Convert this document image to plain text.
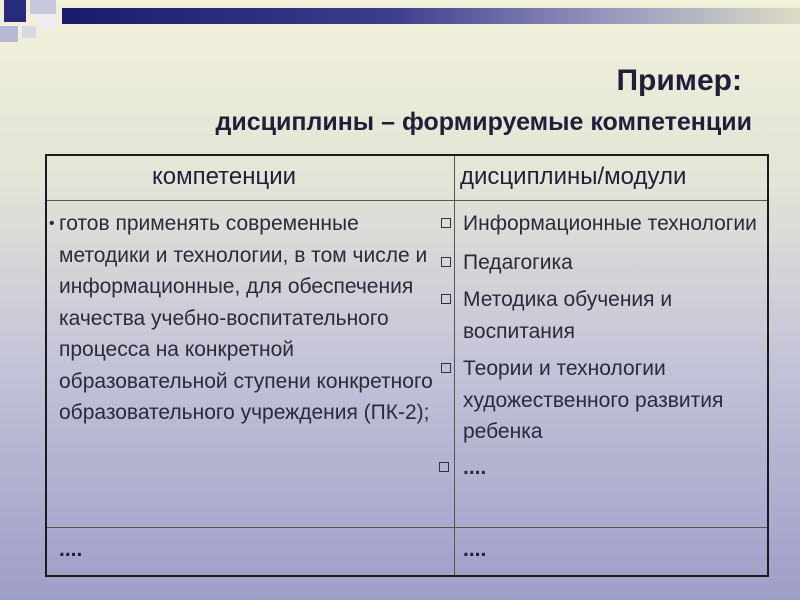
Пример:
дисциплины – формируемые компетенции
компетенции	дисциплины/модули
• готов применять современные методики и технологии, в том числе и информационные, для обеспечения качества учебно-воспитательного процесса на конкретной образовательной ступени конкретного образовательного учреждения (ПК-2);
Информационные технологии
Педагогика
Методика обучения и воспитания
Теории и технологии художественного развития ребенка
....
....	....
